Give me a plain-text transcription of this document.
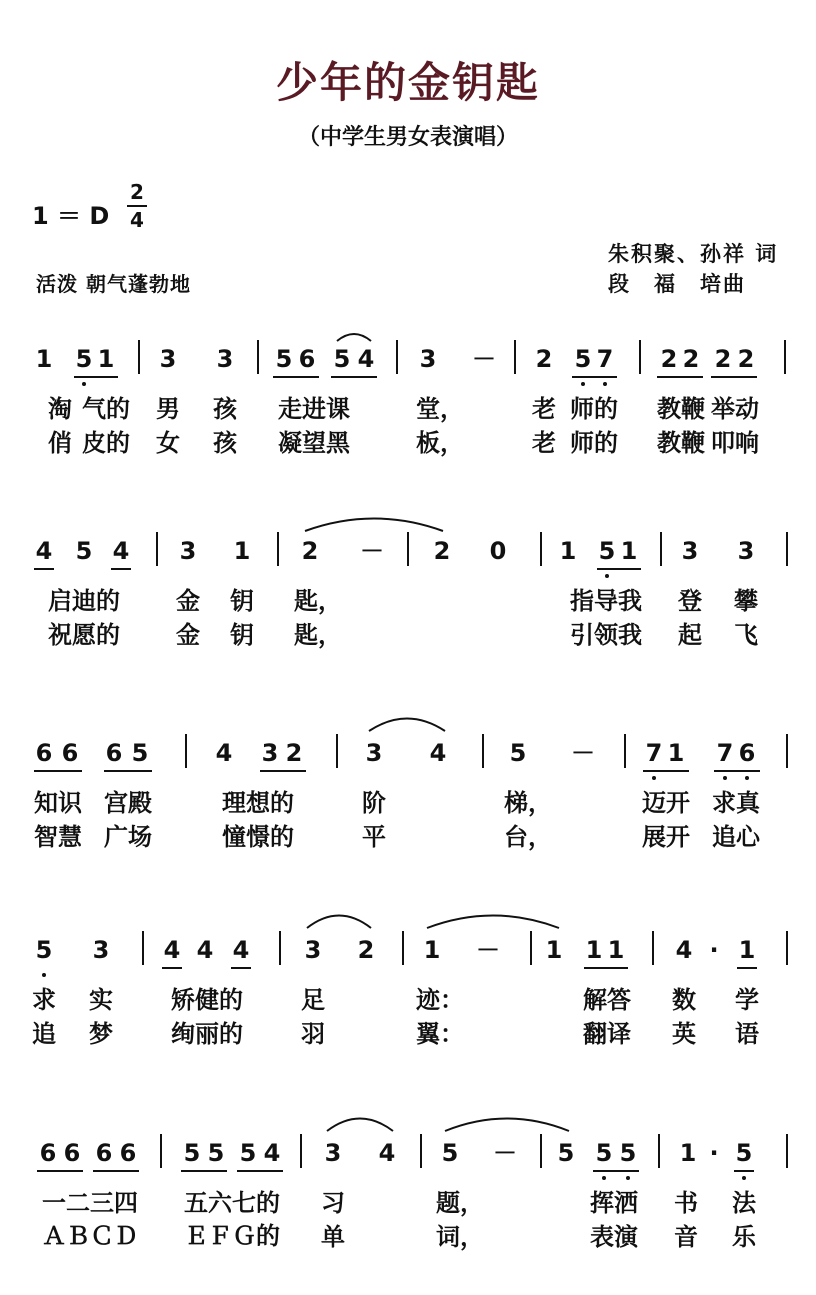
少年的金钥匙
（中学生男女表演唱）
1 ＝ D
2
4
活泼 朝气蓬勃地
朱积聚、孙祥 词
段　福　培曲
1 5 1 3 3 5 6 5 4 3 － 2 5 7 2 2 2 2
淘 气的 男 孩 走进课	堂，	老 师的 教鞭 举动
俏 皮的 女 孩 凝望黑	板，	老 师的 教鞭 叩响
4 5 4 3 1 2 － 2 0 1 5 1 3 3
启迪的 金 钥 匙，	指导我 登 攀
祝愿的 金 钥 匙，	引领我 起 飞
6 6 6 5	4 3 2	3 4	5 － 7 1 7 6
知识 宫殿	理想的	阶	梯，	迈开 求真
智慧 广场	憧憬的	平	台，	展开 追心
5 3 4 4 4 3 2 1 － 1 1 1 4 · 1
求 实 矫健的 足	迹：	解答 数 学
追 梦 绚丽的 羽	翼：	翻译 英 语
6 6 6 6 5 5 5 4 3 4 5 － 5 5 5 1 · 5
一二三四 五六七的 习	题，	挥洒 书 法
ＡＢＣＤ ＥＦＧ的 单	词，	表演 音 乐
